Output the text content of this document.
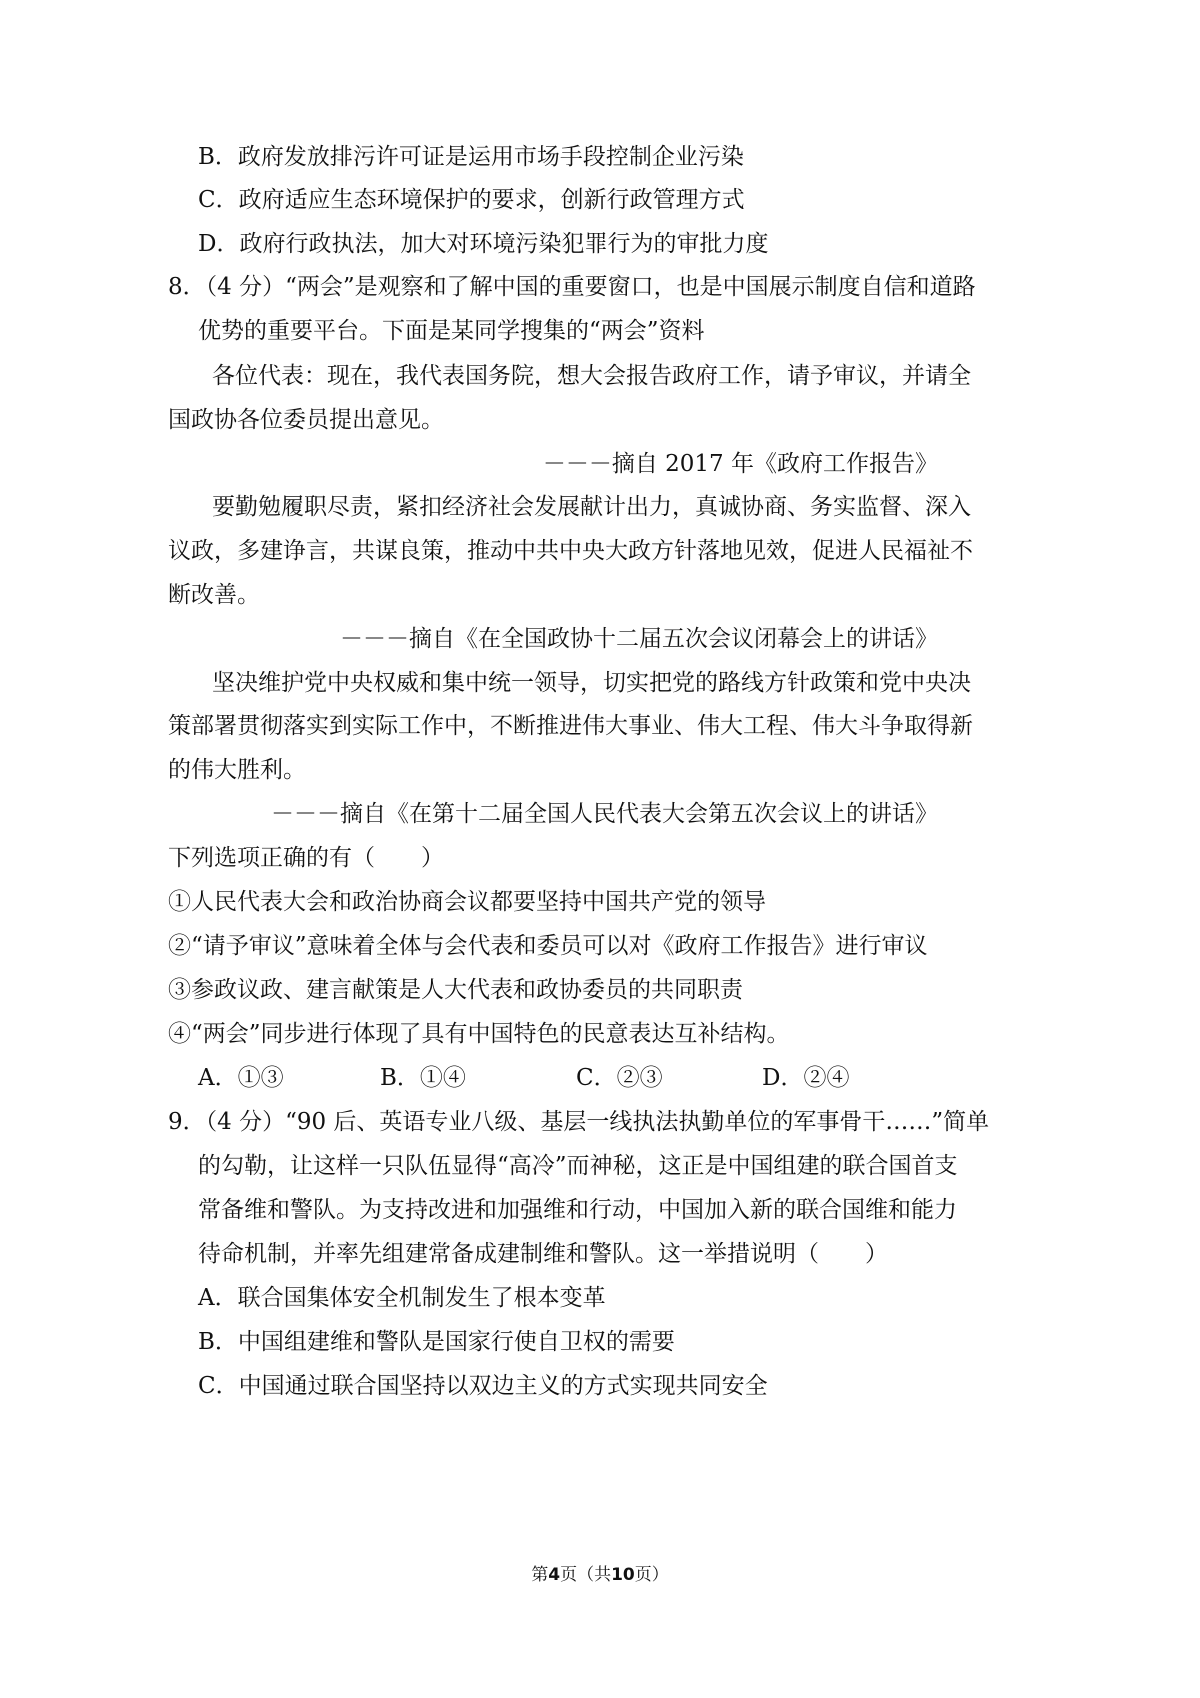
B．政府发放排污许可证是运用市场手段控制企业污染
C．政府适应生态环境保护的要求，创新行政管理方式
D．政府行政执法，加大对环境污染犯罪行为的审批力度
8．（4 分）“两会”是观察和了解中国的重要窗口，也是中国展示制度自信和道路
优势的重要平台。下面是某同学搜集的“两会”资料
各位代表：现在，我代表国务院，想大会报告政府工作，请予审议，并请全
国政协各位委员提出意见。
－－－摘自 2017 年《政府工作报告》
要勤勉履职尽责，紧扣经济社会发展献计出力，真诚协商、务实监督、深入
议政，多建诤言，共谋良策，推动中共中央大政方针落地见效，促进人民福祉不
断改善。
－－－摘自《在全国政协十二届五次会议闭幕会上的讲话》
坚决维护党中央权威和集中统一领导，切实把党的路线方针政策和党中央决
策部署贯彻落实到实际工作中，不断推进伟大事业、伟大工程、伟大斗争取得新
的伟大胜利。
－－－摘自《在第十二届全国人民代表大会第五次会议上的讲话》
下列选项正确的有（　　）
①人民代表大会和政治协商会议都要坚持中国共产党的领导
②“请予审议”意味着全体与会代表和委员可以对《政府工作报告》进行审议
③参政议政、建言献策是人大代表和政协委员的共同职责
④“两会”同步进行体现了具有中国特色的民意表达互补结构。
A．①③	B．①④	C．②③	D．②④
9．（4 分）“90 后、英语专业八级、基层一线执法执勤单位的军事骨干……”简单
的勾勒，让这样一只队伍显得“高冷”而神秘，这正是中国组建的联合国首支
常备维和警队。为支持改进和加强维和行动，中国加入新的联合国维和能力
待命机制，并率先组建常备成建制维和警队。这一举措说明（　　）
A．联合国集体安全机制发生了根本变革
B．中国组建维和警队是国家行使自卫权的需要
C．中国通过联合国坚持以双边主义的方式实现共同安全
第4页（共10页）
